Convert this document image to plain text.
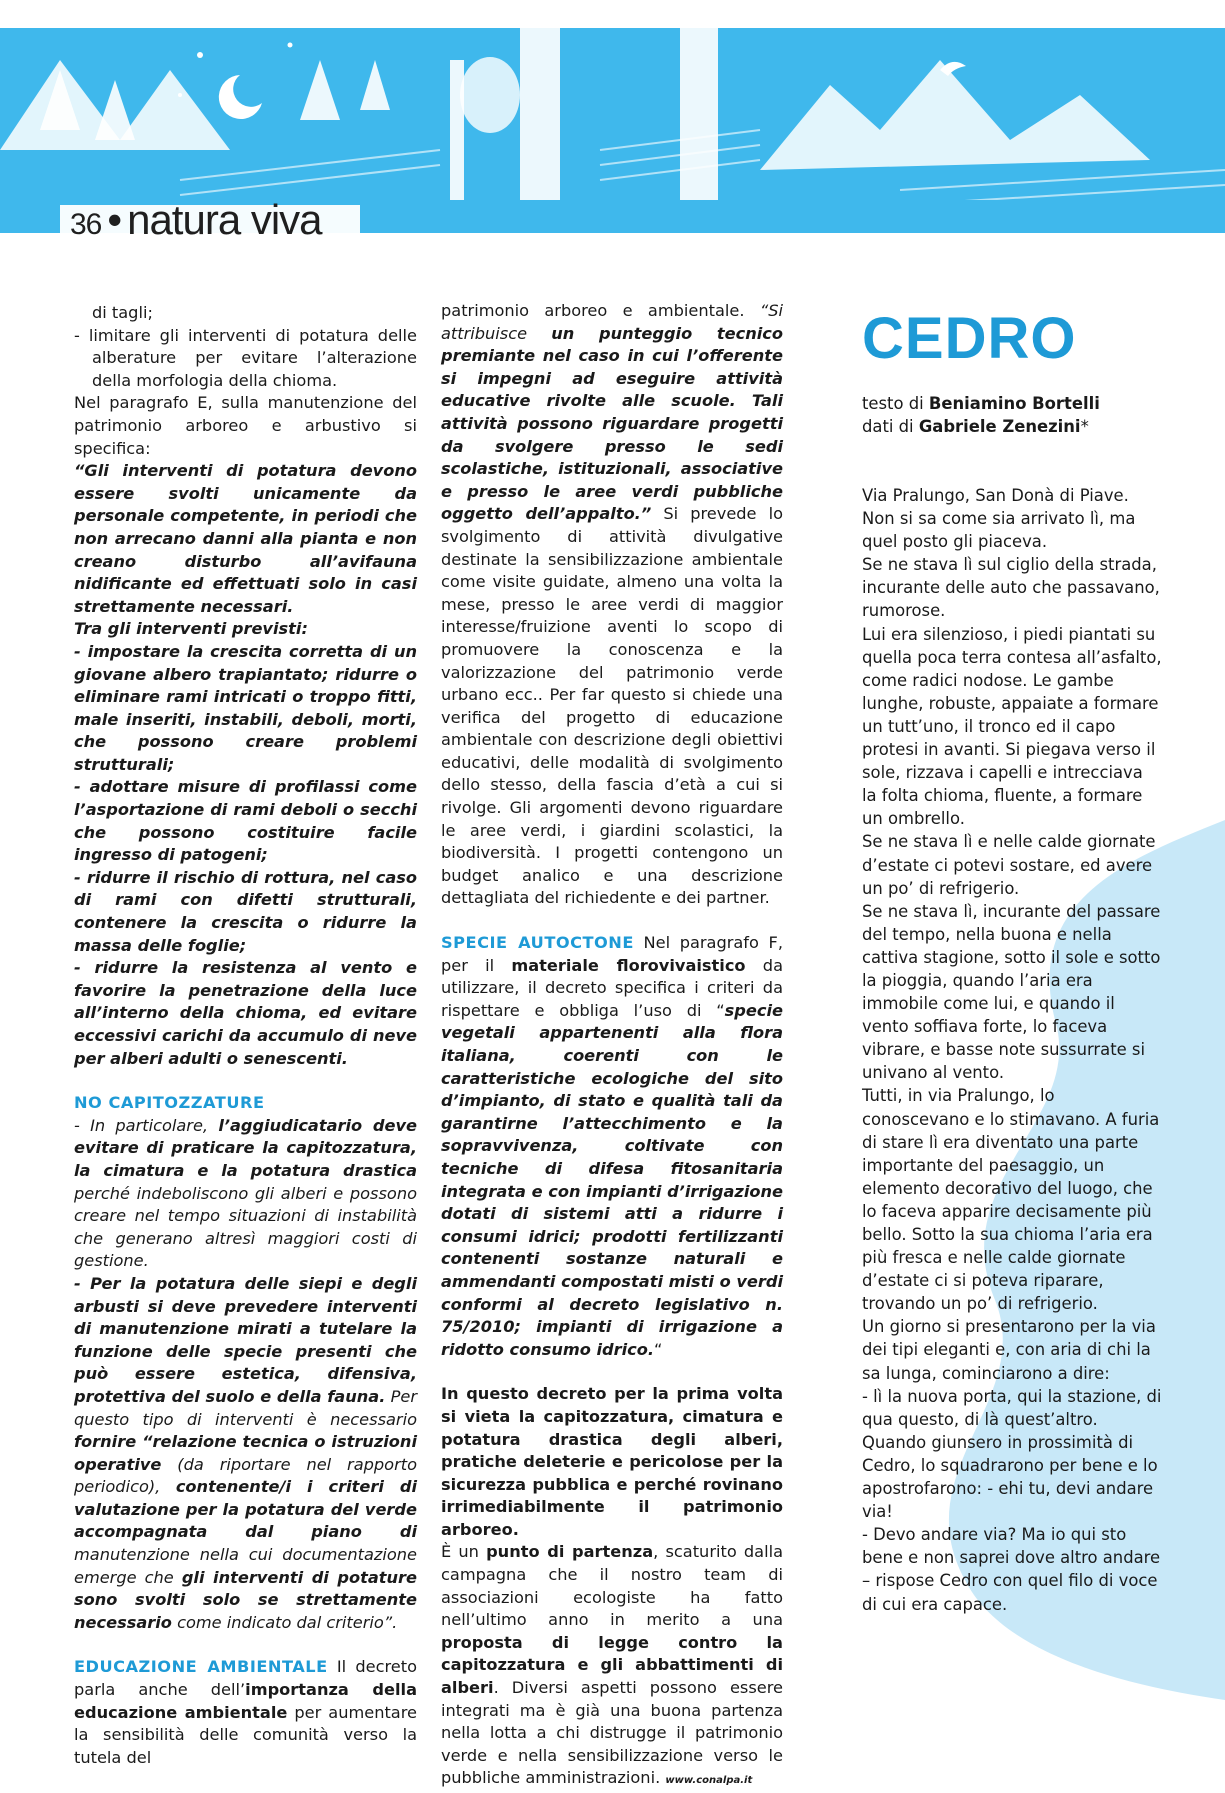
36 • natura viva

di tagli;

- limitare gli interventi di potatura delle alberature per evitare l’alterazione della morfologia della chioma.

Nel paragrafo E, sulla manutenzione del patrimonio arboreo e arbustivo si specifica:

“Gli interventi di potatura devono essere svolti unicamente da personale competente, in periodi che non arrecano danni alla pianta e non creano disturbo all’avifauna nidificante ed effettuati solo in casi strettamente necessari.

Tra gli interventi previsti:

- impostare la crescita corretta di un giovane albero trapiantato; ridurre o eliminare rami intricati o troppo fitti, male inseriti, instabili, deboli, morti, che possono creare problemi strutturali;

- adottare misure di profilassi come l’asportazione di rami deboli o secchi che possono costituire facile ingresso di patogeni;

- ridurre il rischio di rottura, nel caso di rami con difetti strutturali, contenere la crescita o ridurre la massa delle foglie;

- ridurre la resistenza al vento e favorire la penetrazione della luce all’interno della chioma, ed evitare eccessivi carichi da accumulo di neve per alberi adulti o senescenti.

NO CAPITOZZATURE

- In particolare, l’aggiudicatario deve evitare di praticare la capitozzatura, la cimatura e la potatura drastica perché indeboliscono gli alberi e possono creare nel tempo situazioni di instabilità che generano altresì maggiori costi di gestione.

- Per la potatura delle siepi e degli arbusti si deve prevedere interventi di manutenzione mirati a tutelare la funzione delle specie presenti che può essere estetica, difensiva, protettiva del suolo e della fauna. Per questo tipo di interventi è necessario fornire “relazione tecnica o istruzioni operative (da riportare nel rapporto periodico), contenente/i i criteri di valutazione per la potatura del verde accompagnata dal piano di manutenzione nella cui documentazione emerge che gli interventi di potature sono svolti solo se strettamente necessario come indicato dal criterio”.

EDUCAZIONE AMBIENTALE Il decreto parla anche dell’importanza della educazione ambientale per aumentare la sensibilità delle comunità verso la tutela del

patrimonio arboreo e ambientale. “Si attribuisce un punteggio tecnico premiante nel caso in cui l’offerente si impegni ad eseguire attività educative rivolte alle scuole. Tali attività possono riguardare progetti da svolgere presso le sedi scolastiche, istituzionali, associative e presso le aree verdi pubbliche oggetto dell’appalto.” Si prevede lo svolgimento di attività divulgative destinate la sensibilizzazione ambientale come visite guidate, almeno una volta la mese, presso le aree verdi di maggior interesse/fruizione aventi lo scopo di promuovere la conoscenza e la valorizzazione del patrimonio verde urbano ecc.. Per far questo si chiede una verifica del progetto di educazione ambientale con descrizione degli obiettivi educativi, delle modalità di svolgimento dello stesso, della fascia d’età a cui si rivolge. Gli argomenti devono riguardare le aree verdi, i giardini scolastici, la biodiversità. I progetti contengono un budget analico e una descrizione dettagliata del richiedente e dei partner.

SPECIE AUTOCTONE Nel paragrafo F, per il materiale florovivaistico da utilizzare, il decreto specifica i criteri da rispettare e obbliga l’uso di “specie vegetali appartenenti alla flora italiana, coerenti con le caratteristiche ecologiche del sito d’impianto, di stato e qualità tali da garantirne l’attecchimento e la sopravvivenza, coltivate con tecniche di difesa fitosanitaria integrata e con impianti d’irrigazione dotati di sistemi atti a ridurre i consumi idrici; prodotti fertilizzanti contenenti sostanze naturali e ammendanti compostati misti o verdi conformi al decreto legislativo n. 75/2010; impianti di irrigazione a ridotto consumo idrico.“

In questo decreto per la prima volta si vieta la capitozzatura, cimatura e potatura drastica degli alberi, pratiche deleterie e pericolose per la sicurezza pubblica e perché rovinano irrimediabilmente il patrimonio arboreo.

È un punto di partenza, scaturito dalla campagna che il nostro team di associazioni ecologiste ha fatto nell’ultimo anno in merito a una proposta di legge contro la capitozzatura e gli abbattimenti di alberi. Diversi aspetti possono essere integrati ma è già una buona partenza nella lotta a chi distrugge il patrimonio verde e nella sensibilizzazione verso le pubbliche amministrazioni. www.conalpa.it

CEDRO

testo di Beniamino Bortelli

dati di Gabriele Zenezini*

Via Pralungo, San Donà di Piave.

Non si sa come sia arrivato lì, ma quel posto gli piaceva.

Se ne stava lì sul ciglio della strada, incurante delle auto che passavano, rumorose.

Lui era silenzioso, i piedi piantati su quella poca terra contesa all’asfalto, come radici nodose. Le gambe lunghe, robuste, appaiate a formare un tutt’uno, il tronco ed il capo protesi in avanti. Si piegava verso il sole, rizzava i capelli e intrecciava la folta chioma, fluente, a formare un ombrello.

Se ne stava lì e nelle calde giornate d’estate ci potevi sostare, ed avere un po’ di refrigerio.

Se ne stava lì, incurante del passare del tempo, nella buona e nella cattiva stagione, sotto il sole e sotto la pioggia, quando l’aria era immobile come lui, e quando il vento soffiava forte, lo faceva vibrare, e basse note sussurrate si univano al vento.

Tutti, in via Pralungo, lo conoscevano e lo stimavano. A furia di stare lì era diventato una parte importante del paesaggio, un elemento decorativo del luogo, che lo faceva apparire decisamente più bello. Sotto la sua chioma l’aria era più fresca e nelle calde giornate d’estate ci si poteva riparare, trovando un po’ di refrigerio.

Un giorno si presentarono per la via dei tipi eleganti e, con aria di chi la sa lunga, cominciarono a dire:

- lì la nuova porta, qui la stazione, di qua questo, di là quest’altro.

Quando giunsero in prossimità di Cedro, lo squadrarono per bene e lo apostrofarono: - ehi tu, devi andare via!

- Devo andare via? Ma io qui sto bene e non saprei dove altro andare – rispose Cedro con quel filo di voce di cui era capace.
